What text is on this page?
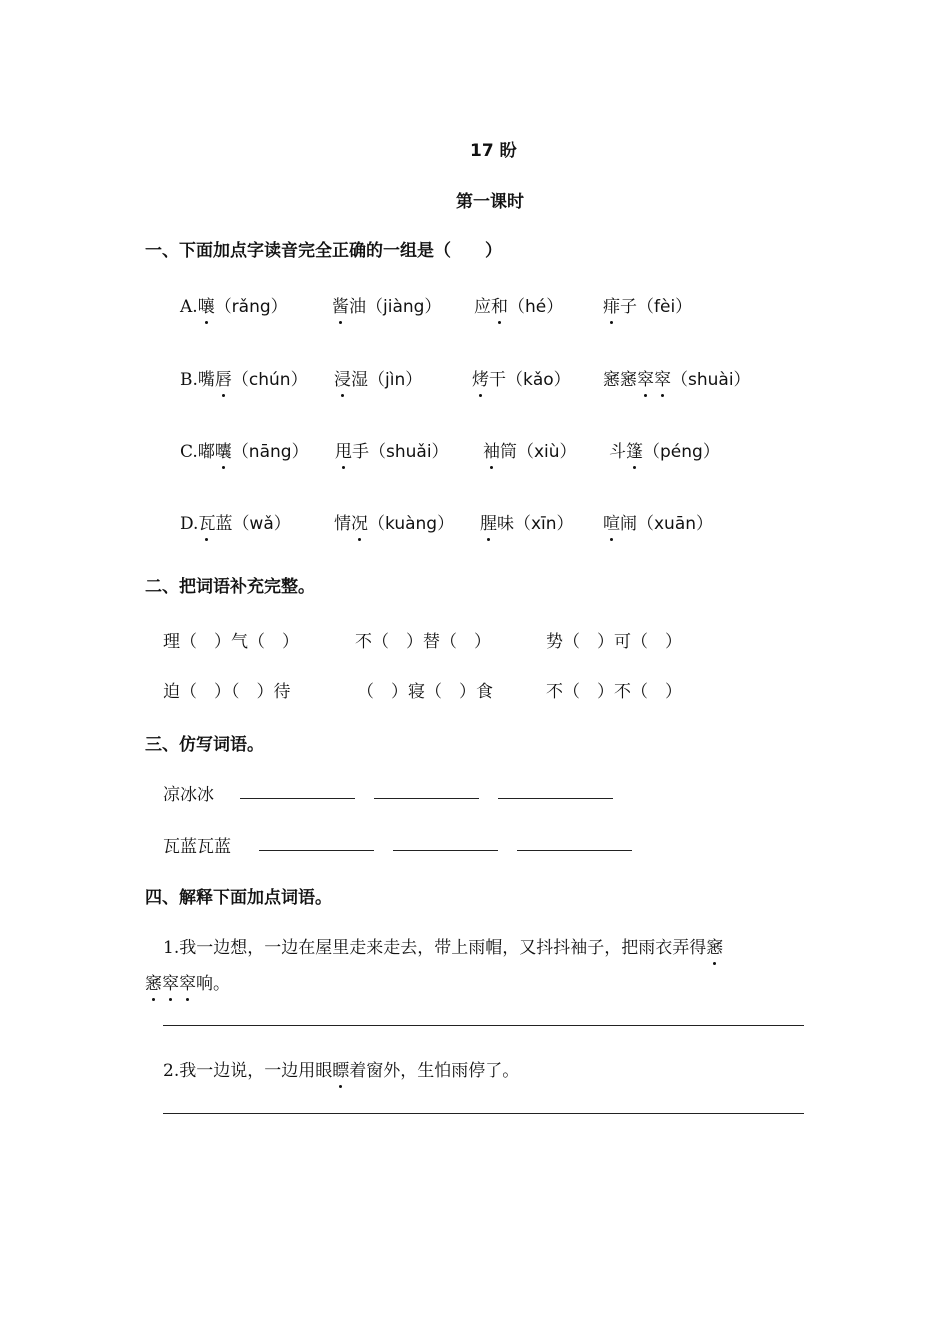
17 盼
第一课时
一、下面加点字读音完全正确的一组是（　　）
A.嚷（rǎng）	酱油（jiàng） 应和（hé） 痱子（fèi）
B.嘴唇（chún） 浸湿（jìn）	烤干（kǎo） 窸窸窣窣（shuài）
C.嘟囔（nāng） 甩手（shuǎi） 袖筒（xiù） 斗篷（péng）
D.瓦蓝（wǎ）	情况（kuàng） 腥味（xīn） 喧闹（xuān）
二、把词语补充完整。
理（　）气（　）	不（　）替（　）	势（　）可（　）
迫（　）（　）待	（　）寝（　）食	不（　）不（　）
三、仿写词语。
凉冰冰
瓦蓝瓦蓝
四、解释下面加点词语。
1.我一边想，一边在屋里走来走去，带上雨帽，又抖抖袖子，把雨衣弄得窸
窸窣窣响。
2.我一边说，一边用眼瞟着窗外，生怕雨停了。
